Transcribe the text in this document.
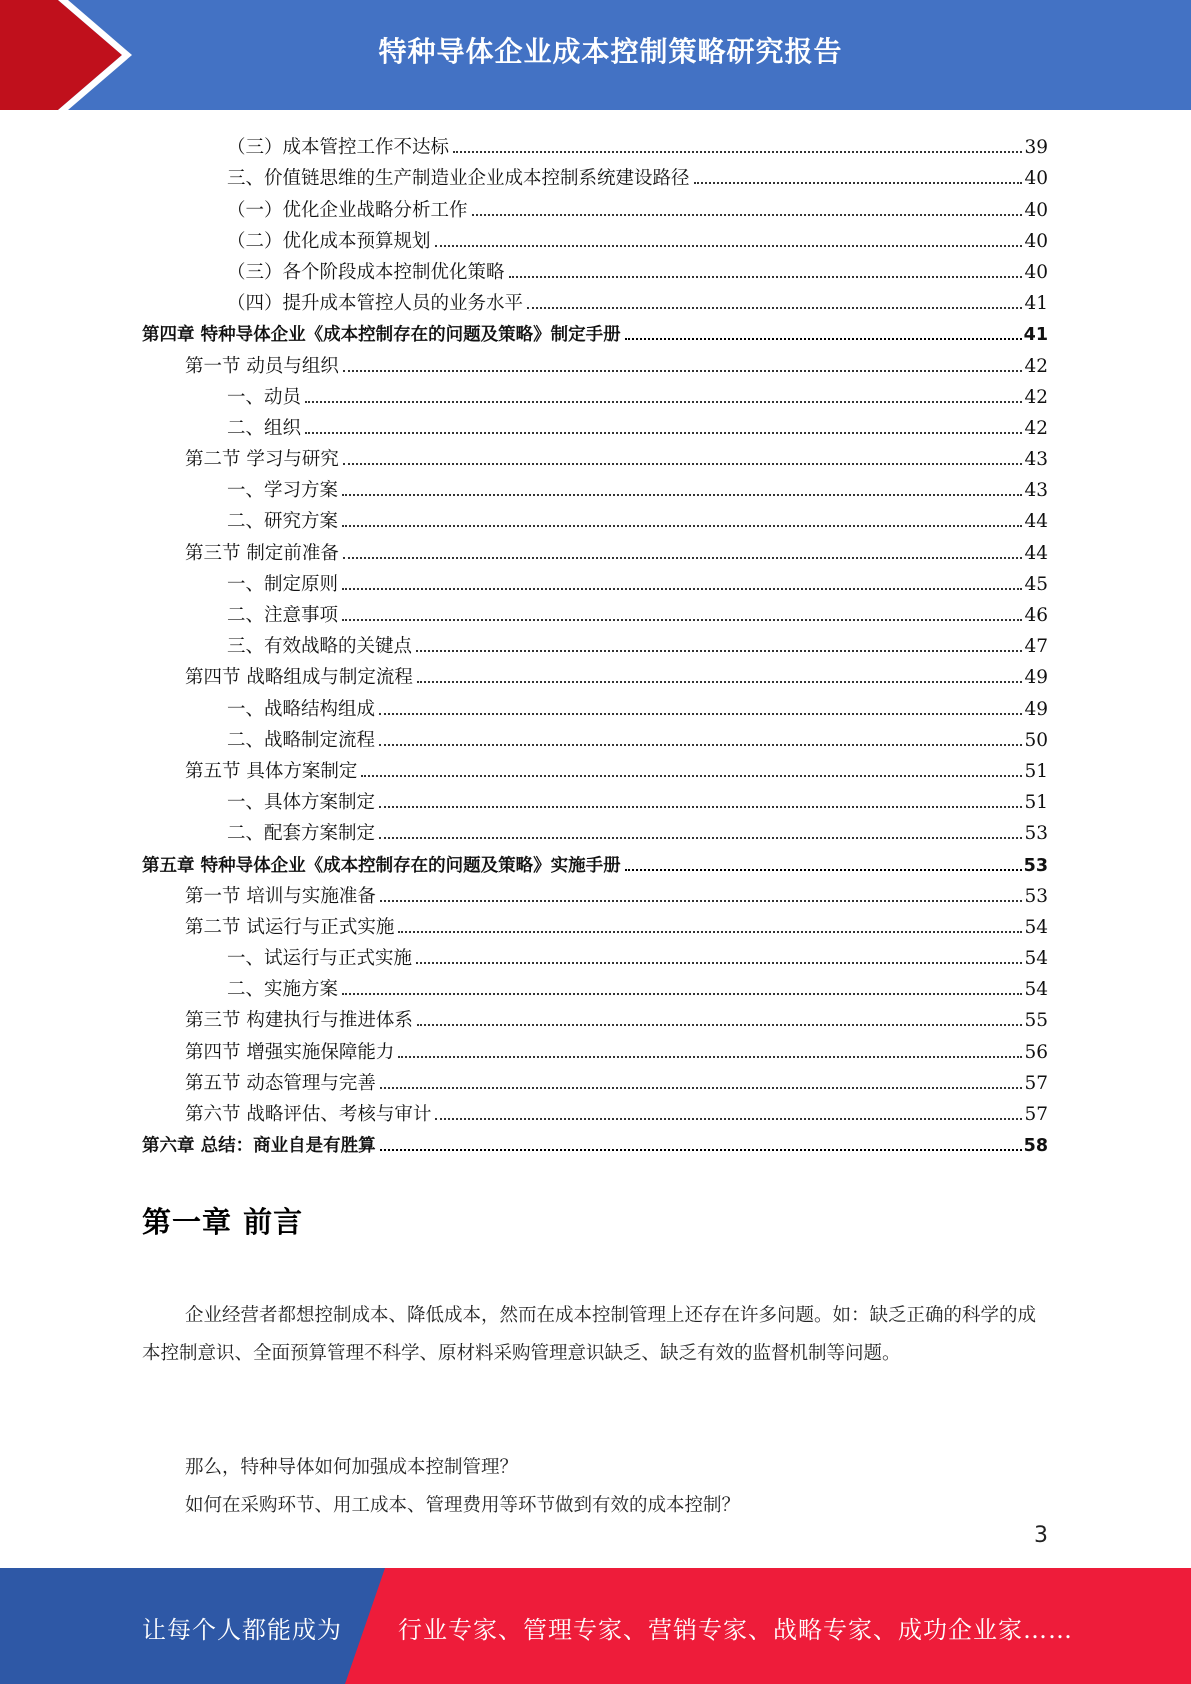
特种导体企业成本控制策略研究报告
（三）成本管控工作不达标	39
三、价值链思维的生产制造业企业成本控制系统建设路径	40
（一）优化企业战略分析工作	40
（二）优化成本预算规划	40
（三）各个阶段成本控制优化策略	40
（四）提升成本管控人员的业务水平	41
第四章 特种导体企业《成本控制存在的问题及策略》制定手册	41
第一节 动员与组织	42
一、动员	42
二、组织	42
第二节 学习与研究	43
一、学习方案	43
二、研究方案	44
第三节 制定前准备	44
一、制定原则	45
二、注意事项	46
三、有效战略的关键点	47
第四节 战略组成与制定流程	49
一、战略结构组成	49
二、战略制定流程	50
第五节 具体方案制定	51
一、具体方案制定	51
二、配套方案制定	53
第五章 特种导体企业《成本控制存在的问题及策略》实施手册	53
第一节 培训与实施准备	53
第二节 试运行与正式实施	54
一、试运行与正式实施	54
二、实施方案	54
第三节 构建执行与推进体系	55
第四节 增强实施保障能力	56
第五节 动态管理与完善	57
第六节 战略评估、考核与审计	57
第六章 总结：商业自是有胜算	58
第一章 前言
企业经营者都想控制成本、降低成本，然而在成本控制管理上还存在许多问题。如：缺乏正确的科学的成本控制意识、全面预算管理不科学、原材料采购管理意识缺乏、缺乏有效的监督机制等问题。
那么，特种导体如何加强成本控制管理？
如何在采购环节、用工成本、管理费用等环节做到有效的成本控制？
3
让每个人都能成为 行业专家、管理专家、营销专家、战略专家、成功企业家……
